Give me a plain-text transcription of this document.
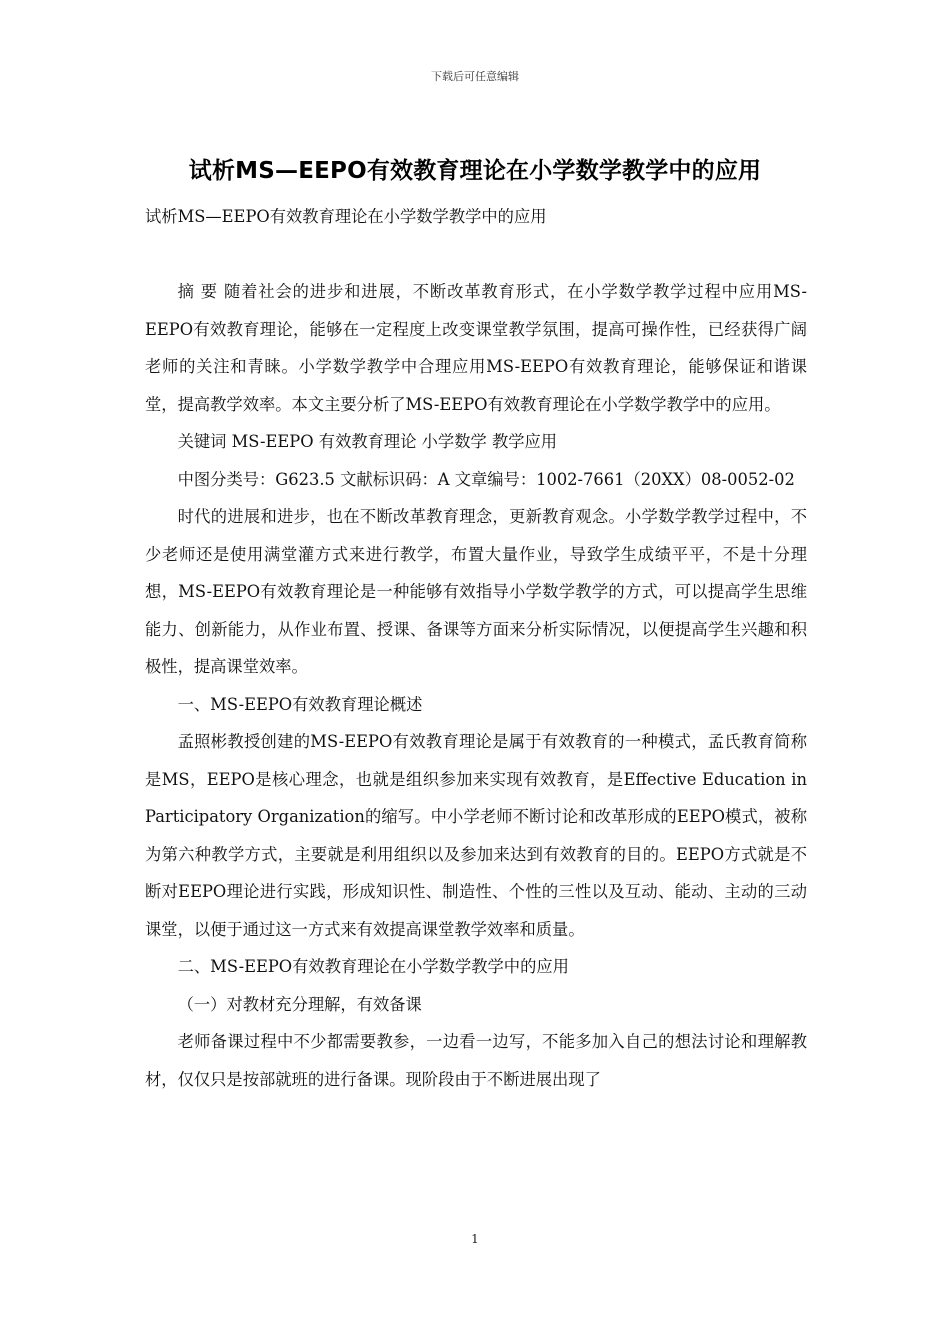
下载后可任意编辑
试析MS—EEPO有效教育理论在小学数学教学中的应用

试析MS—EEPO有效教育理论在小学数学教学中的应用

摘 要 随着社会的进步和进展，不断改革教育形式，在小学数学教学过程中应用MS-EEPO有效教育理论，能够在一定程度上改变课堂教学氛围，提高可操作性，已经获得广阔老师的关注和青睐。小学数学教学中合理应用MS-EEPO有效教育理论，能够保证和谐课堂，提高教学效率。本文主要分析了MS-EEPO有效教育理论在小学数学教学中的应用。

关键词 MS-EEPO 有效教育理论 小学数学 教学应用

中图分类号：G623.5 文献标识码：A 文章编号：1002-7661（20XX）08-0052-02

时代的进展和进步，也在不断改革教育理念，更新教育观念。小学数学教学过程中，不少老师还是使用满堂灌方式来进行教学，布置大量作业，导致学生成绩平平，不是十分理想，MS-EEPO有效教育理论是一种能够有效指导小学数学教学的方式，可以提高学生思维能力、创新能力，从作业布置、授课、备课等方面来分析实际情况，以便提高学生兴趣和积极性，提高课堂效率。

一、MS-EEPO有效教育理论概述

孟照彬教授创建的MS-EEPO有效教育理论是属于有效教育的一种模式，孟氏教育简称是MS，EEPO是核心理念，也就是组织参加来实现有效教育，是Effective Education in Participatory Organization的缩写。中小学老师不断讨论和改革形成的EEPO模式，被称为第六种教学方式，主要就是利用组织以及参加来达到有效教育的目的。EEPO方式就是不断对EEPO理论进行实践，形成知识性、制造性、个性的三性以及互动、能动、主动的三动课堂，以便于通过这一方式来有效提高课堂教学效率和质量。

二、MS-EEPO有效教育理论在小学数学教学中的应用

（一）对教材充分理解，有效备课

老师备课过程中不少都需要教参，一边看一边写，不能多加入自己的想法讨论和理解教材，仅仅只是按部就班的进行备课。现阶段由于不断进展出现了

1
